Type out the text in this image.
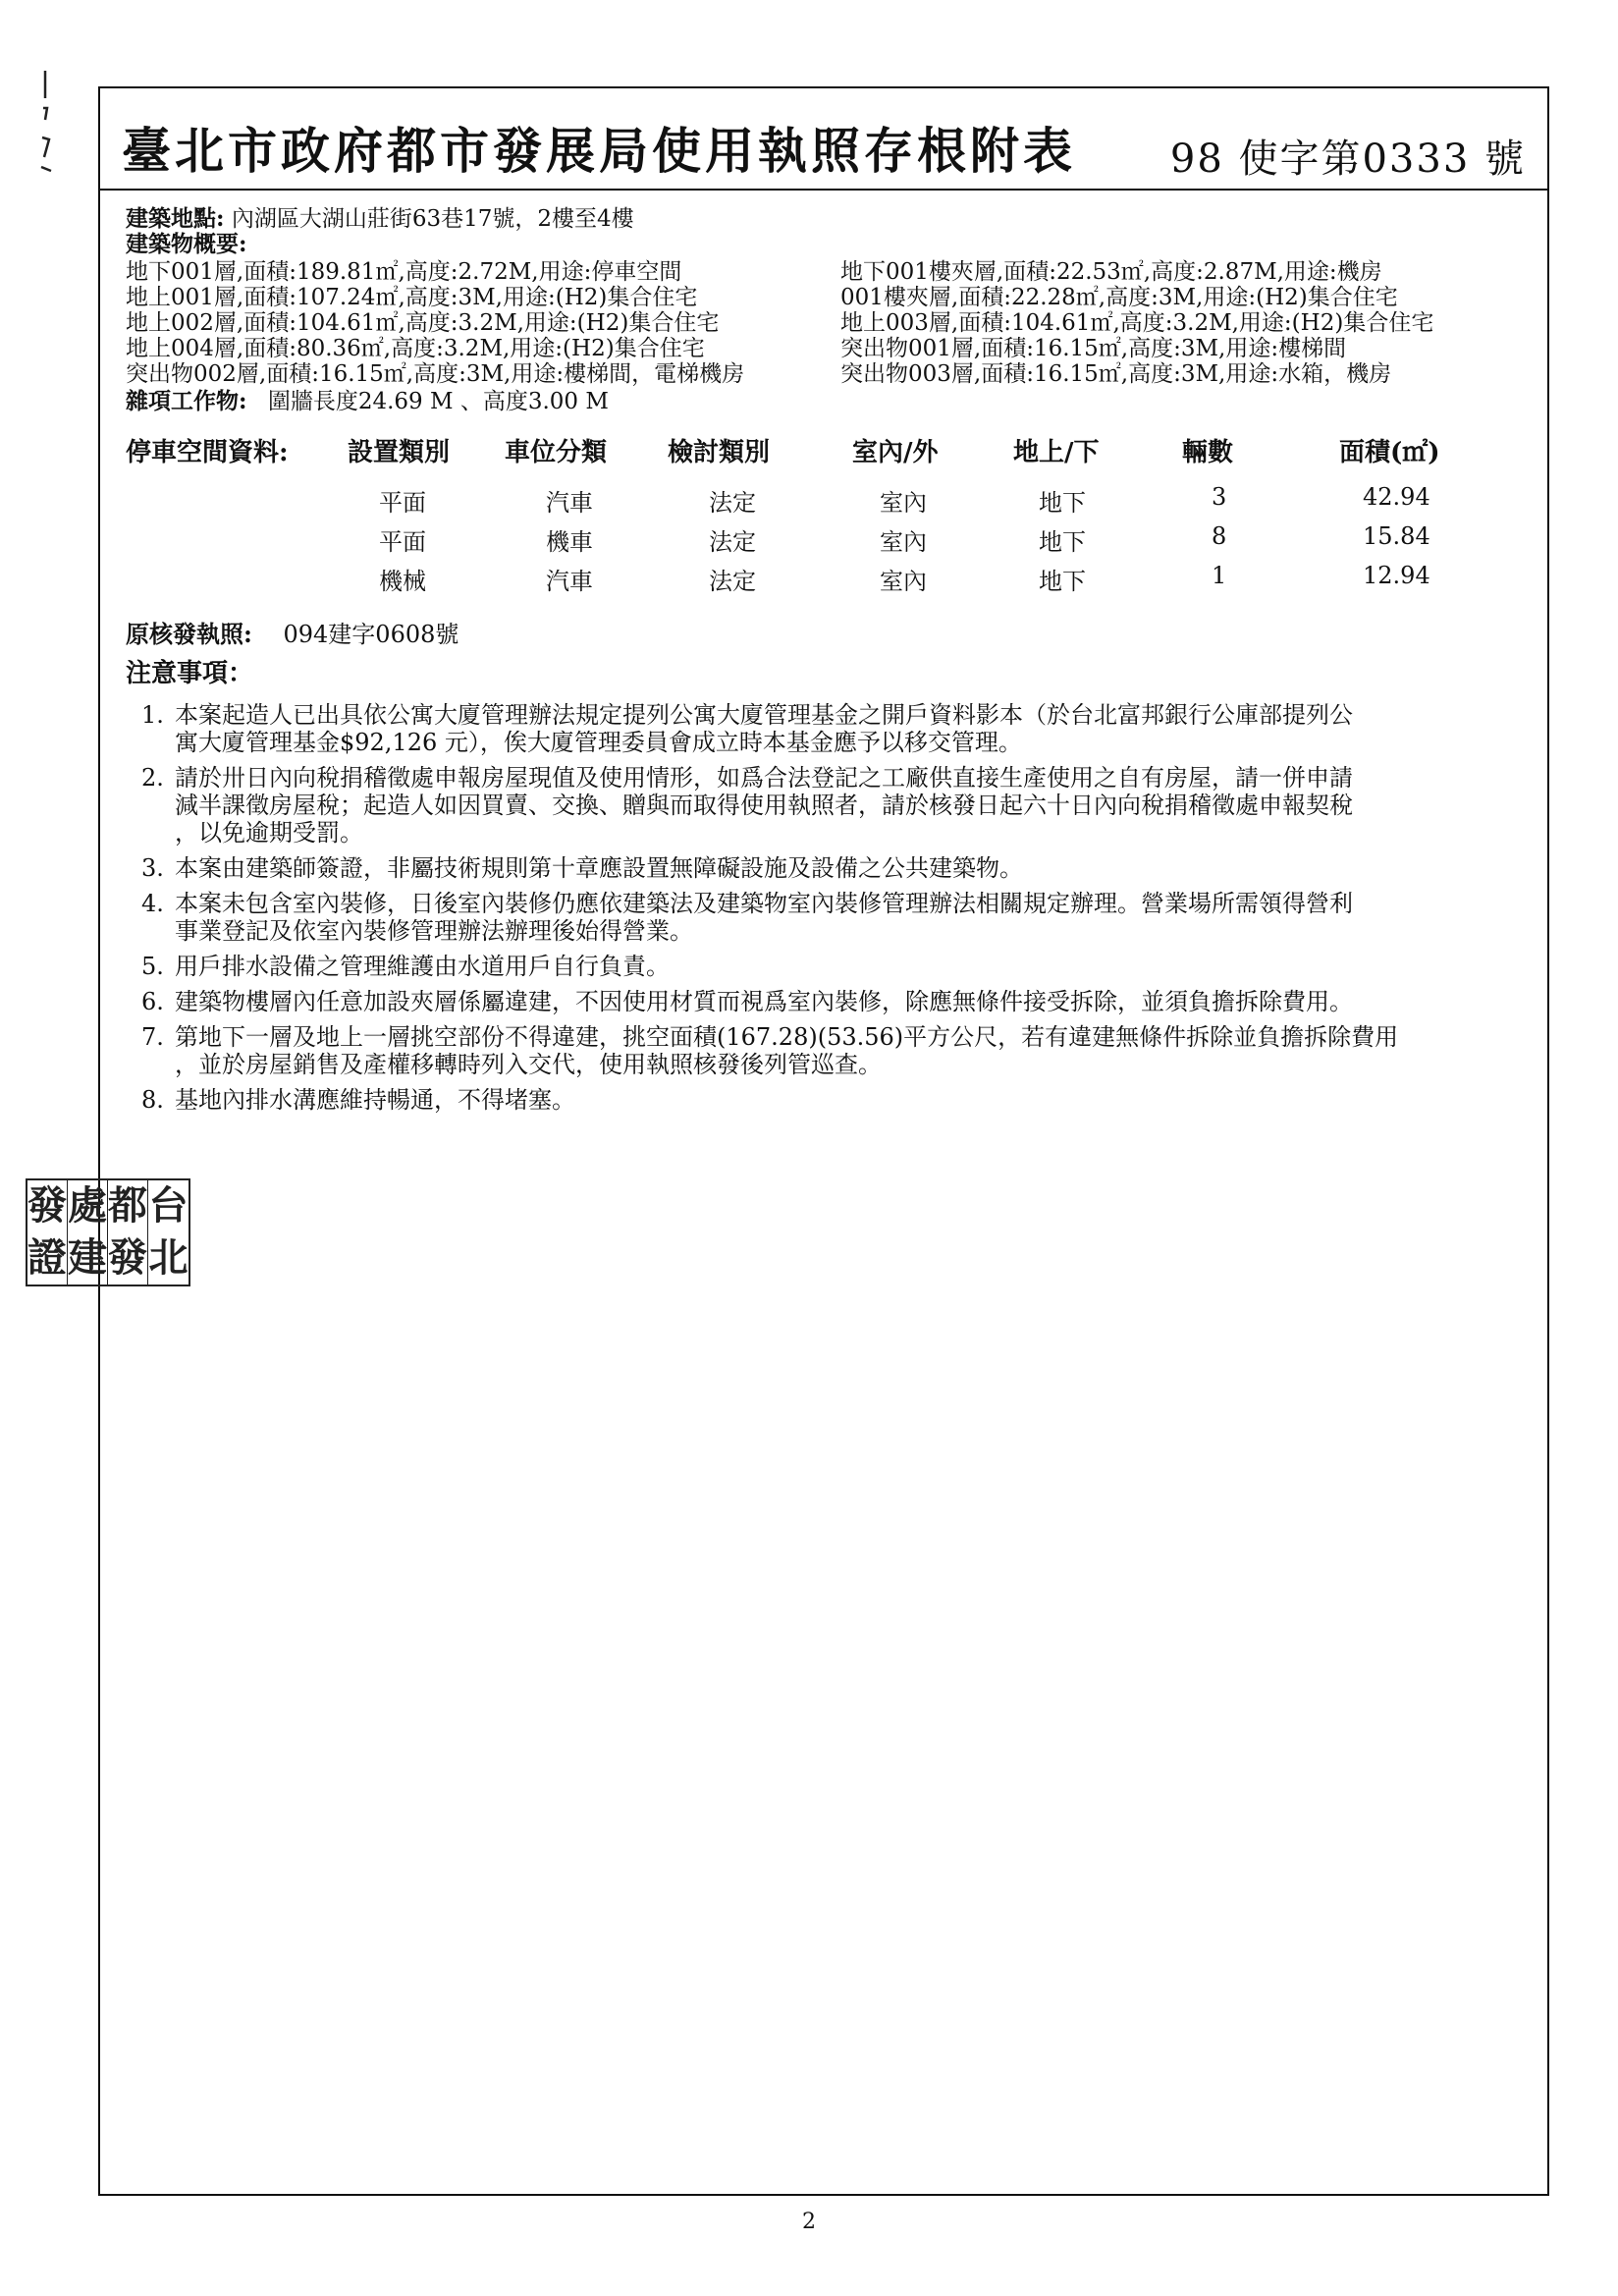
臺北市政府都市發展局使用執照存根附表 98 使字第0333 號
建築地點: 內湖區大湖山莊街63巷17號，2樓至4樓
建築物概要:
地下001層,面積:189.81㎡,高度:2.72M,用途:停車空間
地上001層,面積:107.24㎡,高度:3M,用途:(H2)集合住宅
地上002層,面積:104.61㎡,高度:3.2M,用途:(H2)集合住宅
地上004層,面積:80.36㎡,高度:3.2M,用途:(H2)集合住宅
突出物002層,面積:16.15㎡,高度:3M,用途:樓梯間，電梯機房
地下001樓夾層,面積:22.53㎡,高度:2.87M,用途:機房
001樓夾層,面積:22.28㎡,高度:3M,用途:(H2)集合住宅
地上003層,面積:104.61㎡,高度:3.2M,用途:(H2)集合住宅
突出物001層,面積:16.15㎡,高度:3M,用途:樓梯間
突出物003層,面積:16.15㎡,高度:3M,用途:水箱，機房
雜項工作物: 圍牆長度24.69 M 、高度3.00 M
停車空間資料: 設置類別 車位分類 檢討類別	室內/外	地上/下	輛數	面積(㎡)
平面	汽車	法定	室內	地下	3	42.94
平面	機車	法定	室內	地下	8	15.84
機械	汽車	法定	室內	地下	1	12.94
原核發執照: 094建字0608號
注意事項：
1. 本案起造人已出具依公寓大廈管理辦法規定提列公寓大廈管理基金之開戶資料影本（於台北富邦銀行公庫部提列公
寓大廈管理基金$92,126 元），俟大廈管理委員會成立時本基金應予以移交管理。
2. 請於卅日內向稅捐稽徵處申報房屋現值及使用情形，如爲合法登記之工廠供直接生產使用之自有房屋，請一併申請
減半課徵房屋稅；起造人如因買賣、交換、贈與而取得使用執照者，請於核發日起六十日內向稅捐稽徵處申報契稅
，以免逾期受罰。
3. 本案由建築師簽證，非屬技術規則第十章應設置無障礙設施及設備之公共建築物。
4. 本案未包含室內裝修，日後室內裝修仍應依建築法及建築物室內裝修管理辦法相關規定辦理。營業場所需領得營利
事業登記及依室內裝修管理辦法辦理後始得營業。
5. 用戶排水設備之管理維護由水道用戶自行負責。
6. 建築物樓層內任意加設夾層係屬違建，不因使用材質而視爲室內裝修，除應無條件接受拆除，並須負擔拆除費用。
7. 第地下一層及地上一層挑空部份不得違建，挑空面積(167.28)(53.56)平方公尺，若有違建無條件拆除並負擔拆除費用
，並於房屋銷售及產權移轉時列入交代，使用執照核發後列管巡查。
8. 基地內排水溝應維持暢通，不得堵塞。
發 處 都 台
證 建 發 北
2
